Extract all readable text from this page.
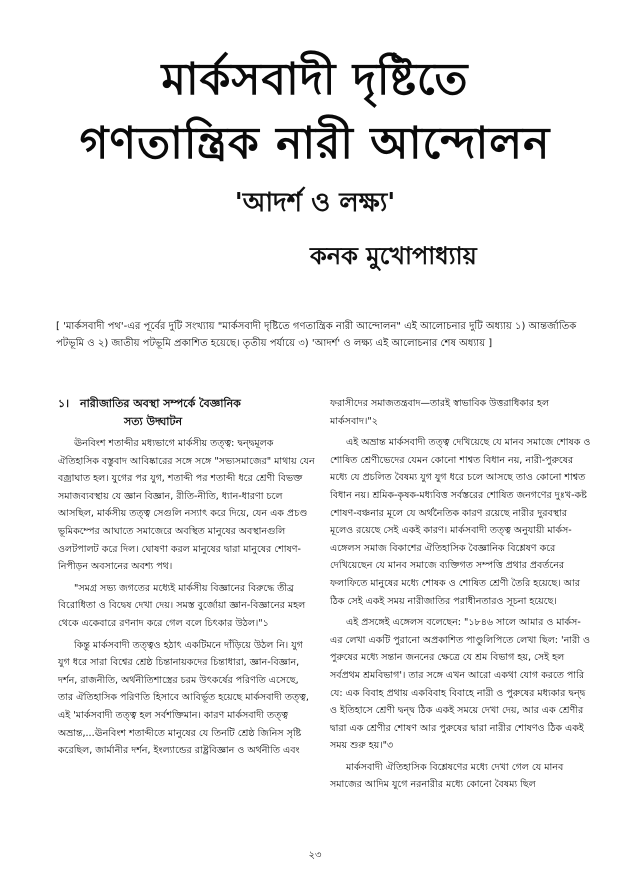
মার্কসবাদী দৃষ্টিতে
গণতান্ত্রিক নারী আন্দোলন
'আদর্শ ও লক্ষ্য'
কনক মুখোপাধ্যায়
[ 'মার্কসবাদী পথ'-এর পূর্বের দুটি সংখ্যায় "মার্কসবাদী দৃষ্টিতে গণতান্ত্রিক নারী আন্দোলন" এই আলোচনার দুটি অধ্যায় ১) আন্তর্জাতিক পটভূমি ও ২) জাতীয় পটভূমি প্রকাশিত হয়েছে। তৃতীয় পর্যায়ে ৩) 'আদর্শ' ও লক্ষ্য এই আলোচনার শেষ অধ্যায় ]
১। নারীজাতির অবস্থা সম্পর্কে বৈজ্ঞানিক
সত্য উদ্ঘাটন

ঊনবিংশ শতাব্দীর মধ্যভাগে মার্কসীয় তত্ত্ব: দ্বন্দ্বমূলক ঐতিহাসিক বস্তুবাদ আবিষ্কারের সঙ্গে সঙ্গে "সভ্যসমাজের" মাথায় যেন বজ্রাঘাত হল। যুগের পর যুগ, শতাব্দী পর শতাব্দী ধরে শ্রেণী বিভক্ত সমাজব্যবস্থায় যে জ্ঞান বিজ্ঞান, রীতি-নীতি, ধ্যান-ধারণা চলে আসছিল, মার্কসীয় তত্ত্ব সেগুলি নস্যাৎ করে দিয়ে, যেন এক প্রচণ্ড ভূমিকম্পের আঘাতে সমাজেরে অবস্থিত মানুষের অবস্থানগুলি ওলটপালট করে দিল। ঘোষণা করল মানুষের দ্বারা মানুষের শোষণ-নিপীড়ন অবসানের অবশ্য পথ।

"সমগ্র সভ্য জগতের মধ্যেই মার্কসীয় বিজ্ঞানের বিরুদ্ধে তীব্র বিরোধিতা ও বিদ্বেষ দেখা দেয়। সমস্ত বুর্জোয়া জ্ঞান-বিজ্ঞানের মহল থেকে একেবারে রণনাদ করে গেল বলে চিৎকার উঠল।"১

কিন্তু মার্কসবাদী তত্ত্বও হঠাৎ একটিমনে দাঁড়িয়ে উঠল নি। যুগ যুগ ধরে সারা বিশ্বের শ্রেষ্ঠ চিন্তানায়কদের চিন্তাধারা, জ্ঞান-বিজ্ঞান, দর্শন, রাজনীতি, অর্থনীতিশাস্ত্রের চরম উৎকর্ষের পরিণতি এসেছে, তার ঐতিহাসিক পরিণতি হিসাবে আবির্ভূত হয়েছে মার্কসবাদী তত্ত্ব, এই 'মার্কসবাদী তত্ত্ব হল সর্বশক্তিমান। কারণ মার্কসবাদী তত্ত্ব অভ্রান্ত,...ঊনবিংশ শতাব্দীতে মানুষের যে তিনটি শ্রেষ্ঠ জিনিস সৃষ্টি করেছিল, জার্মানীর দর্শন, ইংল্যান্ডের রাষ্ট্রবিজ্ঞান ও অর্থনীতি এবং

ফরাসীদের সমাজতন্ত্রবাদ—তারই স্বাভাবিক উত্তরাধিকার হল মার্কসবাদ।"২

এই অভ্রান্ত মার্কসবাদী তত্ত্ব দেখিয়েছে যে মানব সমাজে শোষক ও শোষিত শ্রেণীভেদের যেমন কোনো শাশ্বত বিধান নয়, নারী-পুরুষের মধ্যে যে প্রচলিত বৈষম্য যুগ যুগ ধরে চলে আসছে তাও কোনো শাশ্বত বিধান নয়। শ্রমিক-কৃষক-মধ্যবিত্ত সর্বস্তরের শোষিত জনগণের দুঃখ-কষ্ট শোষণ-বঞ্চনার মূলে যে অর্থনৈতিক কারণ রয়েছে নারীর দুরবস্থার মূলেও রয়েছে সেই একই কারণ। মার্কসবাদী তত্ত্ব অনুযায়ী মার্কস-এঙ্গেলস সমাজ বিকাশের ঐতিহাসিক বৈজ্ঞানিক বিশ্লেষণ করে দেখিয়েছেন যে মানব সমাজে ব্যক্তিগত সম্পত্তি প্রথার প্রবর্তনের ফলাফিতে মানুষের মধ্যে শোষক ও শোষিত শ্রেণী তৈরি হয়েছে। আর ঠিক সেই একই সময় নারীজাতির পরাধীনতারও সূচনা হয়েছে।

এই প্রসঙ্গেই এঙ্গেলস বলেছেন: "১৮৪৬ সালে আমার ও মার্কস-এর লেখা একটি পুরানো অপ্রকাশিত পাণ্ডুলিপিতে লেখা ছিল: 'নারী ও পুরুষের মধ্যে সন্তান জননের ক্ষেত্রে যে শ্রম বিভাগ হয়, সেই হল সর্বপ্রথম শ্রমবিভাগ'। তার সঙ্গে এখন আরো একথা যোগ করতে পারি যে: এক বিবাহ প্রথায় একবিবাহ বিবাহে নারী ও পুরুষের মধ্যকার দ্বন্দ্ব ও ইতিহাসে শ্রেণী দ্বন্দ্ব ঠিক একই সময়ে দেখা দেয়, আর এক শ্রেণীর দ্বারা এক শ্রেণীর শোষণ আর পুরুষের দ্বারা নারীর শোষণও ঠিক একই সময় শুরু হয়।"৩

মার্কসবাদী ঐতিহাসিক বিশ্লেষণের মধ্যে দেখা গেল যে মানব সমাজের আদিম যুগে নরনারীর মধ্যে কোনো বৈষম্য ছিল

২৩
